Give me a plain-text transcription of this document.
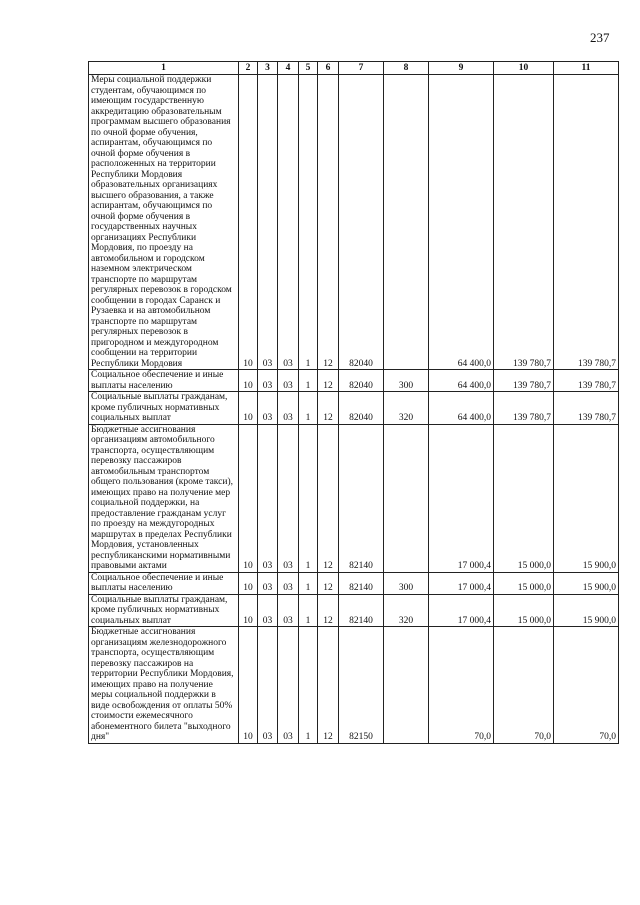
237
1	2	3	4	5	6	7	8	9	10	11
Меры социальной поддержки студентам, обучающимся по имеющим государственную аккредитацию образовательным программам высшего образования по очной форме обучения, аспирантам, обучающимся по очной форме обучения в расположенных на территории Республики Мордовия образовательных организациях высшего образования, а также аспирантам, обучающимся по очной форме обучения в государственных научных организациях Республики Мордовия, по проезду на автомобильном и городском наземном электрическом транспорте по маршрутам регулярных перевозок в городском сообщении в городах Саранск и Рузаевка и на автомобильном транспорте по маршрутам регулярных перевозок в пригородном и междугородном сообщении на территории Республики Мордовия	10	03	03	1	12	82040		64 400,0	139 780,7	139 780,7
Социальное обеспечение и иные выплаты населению	10	03	03	1	12	82040	300	64 400,0	139 780,7	139 780,7
Социальные выплаты гражданам, кроме публичных нормативных социальных выплат	10	03	03	1	12	82040	320	64 400,0	139 780,7	139 780,7
Бюджетные ассигнования организациям автомобильного транспорта, осуществляющим перевозку пассажиров автомобильным транспортом общего пользования (кроме такси), имеющих право на получение мер социальной поддержки, на предоставление гражданам услуг по проезду на междугородных маршрутах в пределах Республики Мордовия, установленных республиканскими нормативными правовыми актами	10	03	03	1	12	82140		17 000,4	15 000,0	15 900,0
Социальное обеспечение и иные выплаты населению	10	03	03	1	12	82140	300	17 000,4	15 000,0	15 900,0
Социальные выплаты гражданам, кроме публичных нормативных социальных выплат	10	03	03	1	12	82140	320	17 000,4	15 000,0	15 900,0
Бюджетные ассигнования организациям железнодорожного транспорта, осуществляющим перевозку пассажиров на территории Республики Мордовия, имеющих право на получение меры социальной поддержки в виде освобождения от оплаты 50% стоимости ежемесячного абонементного билета "выходного дня"	10	03	03	1	12	82150		70,0	70,0	70,0
